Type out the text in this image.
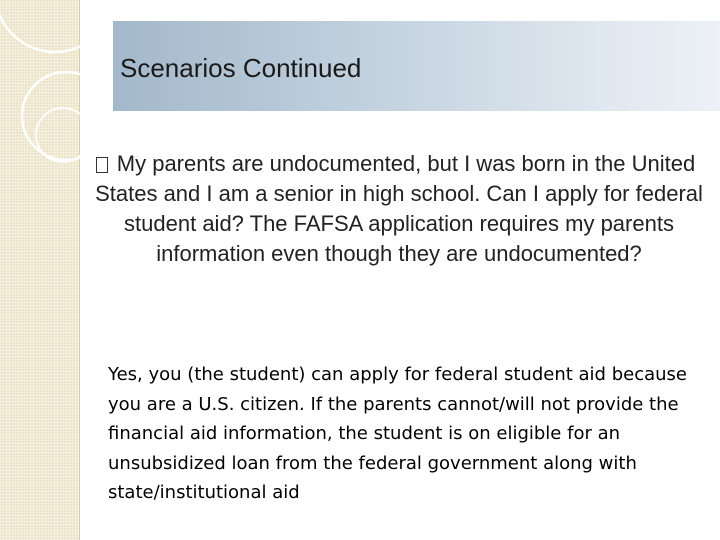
Scenarios Continued

My parents are undocumented, but I was born in the United States and I am a senior in high school. Can I apply for federal student aid? The FAFSA application requires my parents information even though they are undocumented?

Yes, you (the student) can apply for federal student aid because you are a U.S. citizen. If the parents cannot/will not provide the financial aid information, the student is on eligible for an unsubsidized loan from the federal government along with state/institutional aid
